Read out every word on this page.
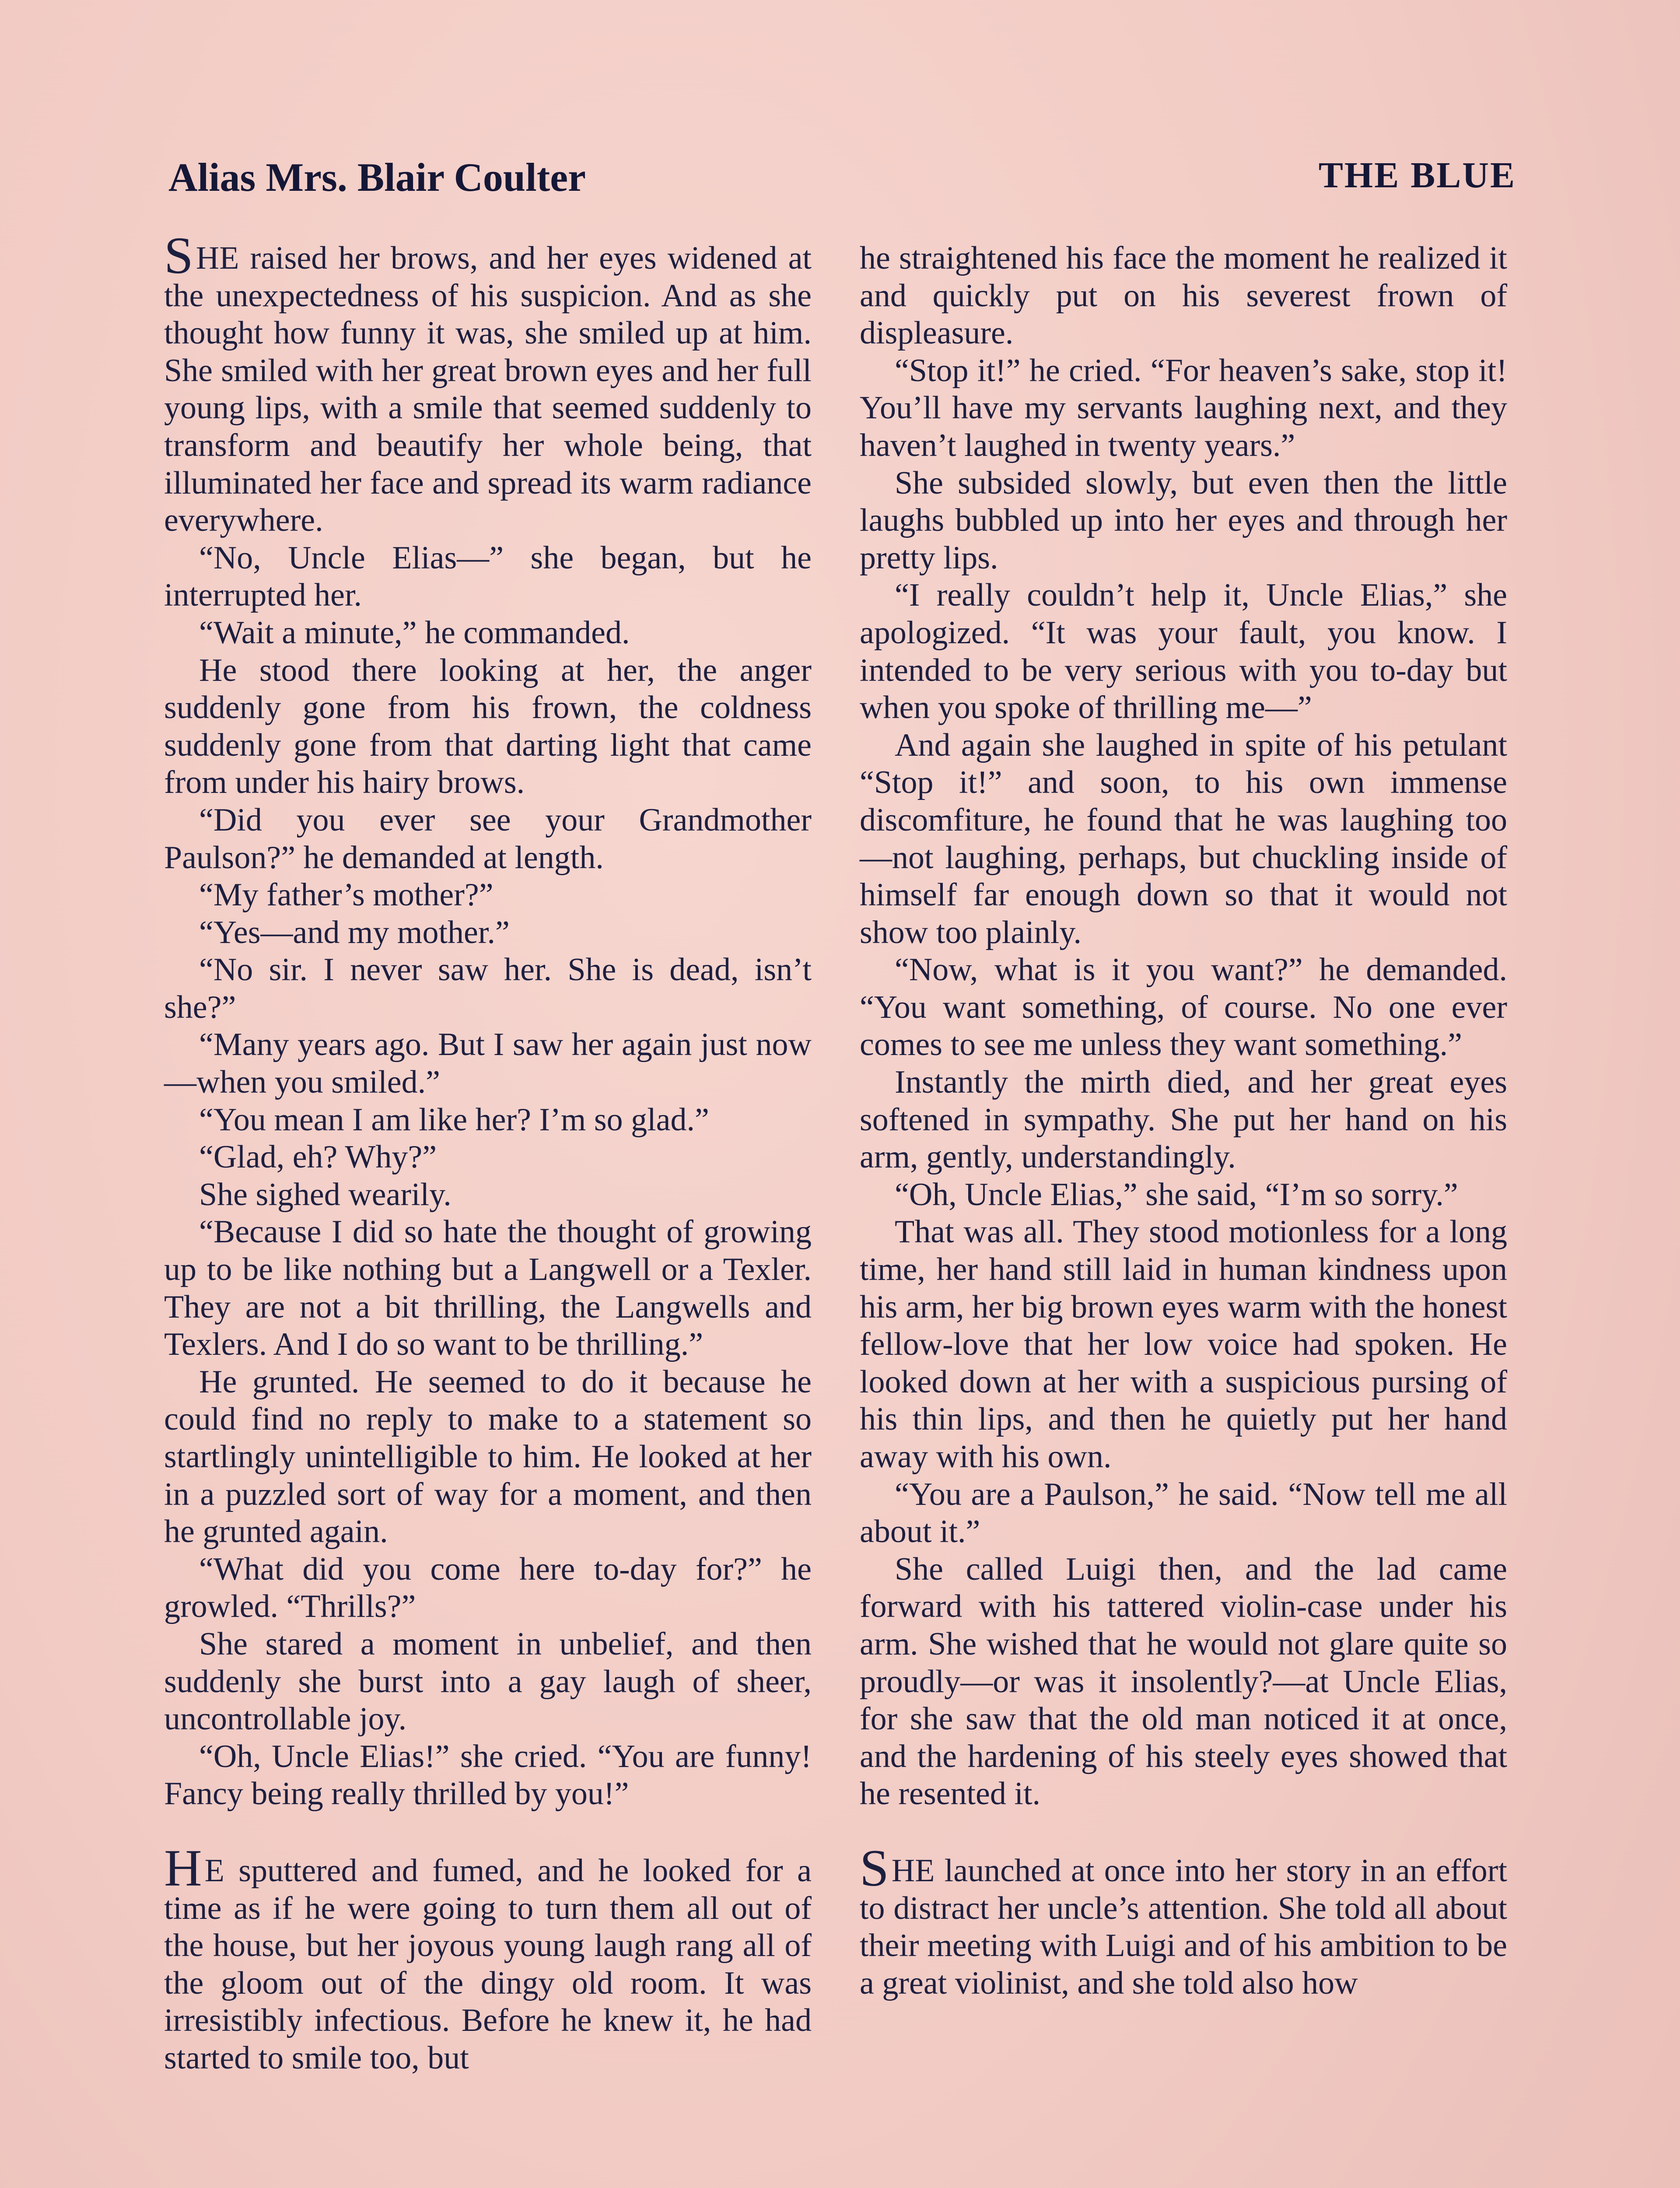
Alias Mrs. Blair Coulter	THE BLUE

SHE raised her brows, and her eyes widened at the unexpectedness of his suspicion. And as she thought how funny it was, she smiled up at him. She smiled with her great brown eyes and her full young lips, with a smile that seemed suddenly to transform and beautify her whole being, that illuminated her face and spread its warm radiance everywhere.

“No, Uncle Elias—” she began, but he interrupted her.

“Wait a minute,” he commanded.

He stood there looking at her, the anger suddenly gone from his frown, the coldness suddenly gone from that darting light that came from under his hairy brows.

“Did you ever see your Grandmother Paulson?” he demanded at length.

“My father’s mother?”

“Yes—and my mother.”

“No sir. I never saw her. She is dead, isn’t she?”

“Many years ago. But I saw her again just now—when you smiled.”

“You mean I am like her? I’m so glad.”

“Glad, eh? Why?”

She sighed wearily.

“Because I did so hate the thought of growing up to be like nothing but a Langwell or a Texler. They are not a bit thrilling, the Langwells and Texlers. And I do so want to be thrilling.”

He grunted. He seemed to do it because he could find no reply to make to a statement so startlingly unintelligible to him. He looked at her in a puzzled sort of way for a moment, and then he grunted again.

“What did you come here to-day for?” he growled. “Thrills?”

She stared a moment in unbelief, and then suddenly she burst into a gay laugh of sheer, uncontrollable joy.

“Oh, Uncle Elias!” she cried. “You are funny! Fancy being really thrilled by you!”

HE sputtered and fumed, and he looked for a time as if he were going to turn them all out of the house, but her joyous young laugh rang all of the gloom out of the dingy old room. It was irresistibly infectious. Before he knew it, he had started to smile too, but

he straightened his face the moment he realized it and quickly put on his severest frown of displeasure.

“Stop it!” he cried. “For heaven’s sake, stop it! You’ll have my servants laughing next, and they haven’t laughed in twenty years.”

She subsided slowly, but even then the little laughs bubbled up into her eyes and through her pretty lips.

“I really couldn’t help it, Uncle Elias,” she apologized. “It was your fault, you know. I intended to be very serious with you to-day but when you spoke of thrilling me—”

And again she laughed in spite of his petulant “Stop it!” and soon, to his own immense discomfiture, he found that he was laughing too—not laughing, perhaps, but chuckling inside of himself far enough down so that it would not show too plainly.

“Now, what is it you want?” he demanded. “You want something, of course. No one ever comes to see me unless they want something.”

Instantly the mirth died, and her great eyes softened in sympathy. She put her hand on his arm, gently, understandingly.

“Oh, Uncle Elias,” she said, “I’m so sorry.”

That was all. They stood motionless for a long time, her hand still laid in human kindness upon his arm, her big brown eyes warm with the honest fellow-love that her low voice had spoken. He looked down at her with a suspicious pursing of his thin lips, and then he quietly put her hand away with his own.

“You are a Paulson,” he said. “Now tell me all about it.”

She called Luigi then, and the lad came forward with his tattered violin-case under his arm. She wished that he would not glare quite so proudly—or was it insolently?—at Uncle Elias, for she saw that the old man noticed it at once, and the hardening of his steely eyes showed that he resented it.

SHE launched at once into her story in an effort to distract her uncle’s attention. She told all about their meeting with Luigi and of his ambition to be a great violinist, and she told also how
